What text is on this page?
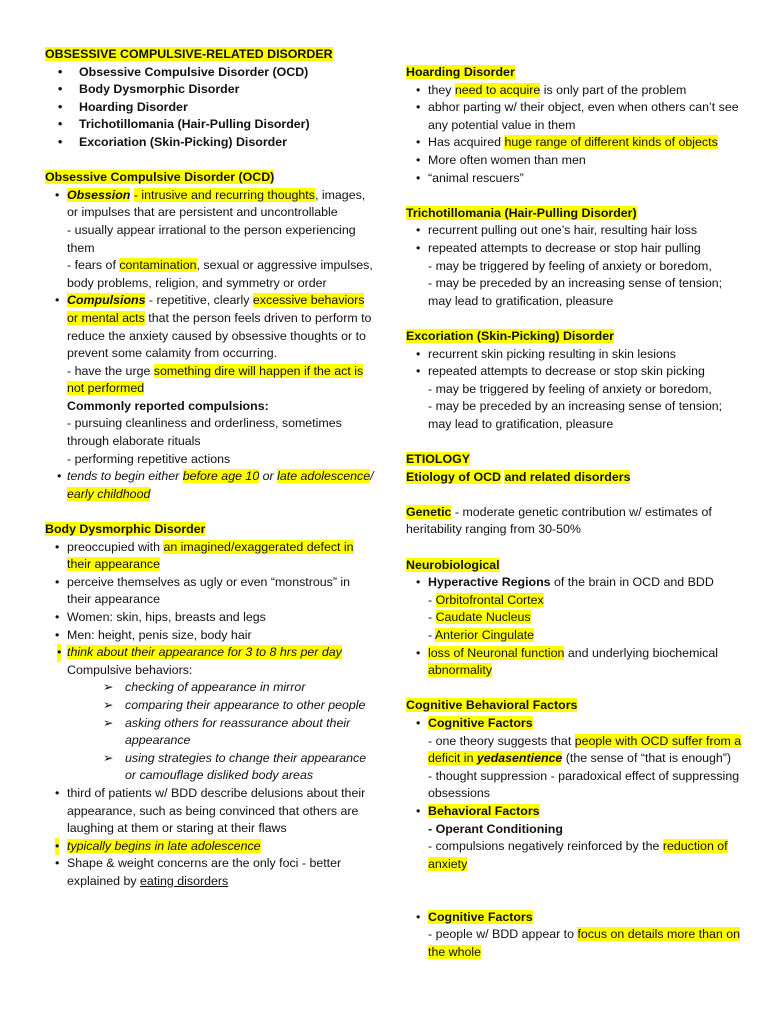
OBSESSIVE COMPULSIVE-RELATED DISORDER
• Obsessive Compulsive Disorder (OCD)
• Body Dysmorphic Disorder
• Hoarding Disorder
• Trichotillomania (Hair-Pulling Disorder)
• Excoriation (Skin-Picking) Disorder
Obsessive Compulsive Disorder (OCD)
• Obsession - intrusive and recurring thoughts, images, or impulses that are persistent and uncontrollable
- usually appear irrational to the person experiencing them
- fears of contamination, sexual or aggressive impulses, body problems, religion, and symmetry or order
• Compulsions - repetitive, clearly excessive behaviors or mental acts that the person feels driven to perform to reduce the anxiety caused by obsessive thoughts or to prevent some calamity from occurring.
- have the urge something dire will happen if the act is not performed
Commonly reported compulsions:
- pursuing cleanliness and orderliness, sometimes through elaborate rituals
- performing repetitive actions
• tends to begin either before age 10 or late adolescence/ early childhood
Body Dysmorphic Disorder
• preoccupied with an imagined/exaggerated defect in their appearance
• perceive themselves as ugly or even “monstrous” in their appearance
• Women: skin, hips, breasts and legs
• Men: height, penis size, body hair
• think about their appearance for 3 to 8 hrs per day
Compulsive behaviors:
➢ checking of appearance in mirror
➢ comparing their appearance to other people
➢ asking others for reassurance about their appearance
➢ using strategies to change their appearance or camouflage disliked body areas
• third of patients w/ BDD describe delusions about their appearance, such as being convinced that others are laughing at them or staring at their flaws
• typically begins in late adolescence
• Shape & weight concerns are the only foci - better explained by eating disorders
Hoarding Disorder
• they need to acquire is only part of the problem
• abhor parting w/ their object, even when others can’t see any potential value in them
• Has acquired huge range of different kinds of objects
• More often women than men
• “animal rescuers”
Trichotillomania (Hair-Pulling Disorder)
• recurrent pulling out one’s hair, resulting hair loss
• repeated attempts to decrease or stop hair pulling
- may be triggered by feeling of anxiety or boredom,
- may be preceded by an increasing sense of tension; may lead to gratification, pleasure
Excoriation (Skin-Picking) Disorder
• recurrent skin picking resulting in skin lesions
• repeated attempts to decrease or stop skin picking
- may be triggered by feeling of anxiety or boredom,
- may be preceded by an increasing sense of tension; may lead to gratification, pleasure
ETIOLOGY
Etiology of OCD and related disorders
Genetic - moderate genetic contribution w/ estimates of heritability ranging from 30-50%
Neurobiological
• Hyperactive Regions of the brain in OCD and BDD
- Orbitofrontal Cortex
- Caudate Nucleus
- Anterior Cingulate
• loss of Neuronal function and underlying biochemical abnormality
Cognitive Behavioral Factors
• Cognitive Factors
- one theory suggests that people with OCD suffer from a deficit in yedasentience (the sense of “that is enough”)
- thought suppression - paradoxical effect of suppressing obsessions
• Behavioral Factors
- Operant Conditioning
- compulsions negatively reinforced by the reduction of anxiety
• Cognitive Factors
- people w/ BDD appear to focus on details more than on the whole
